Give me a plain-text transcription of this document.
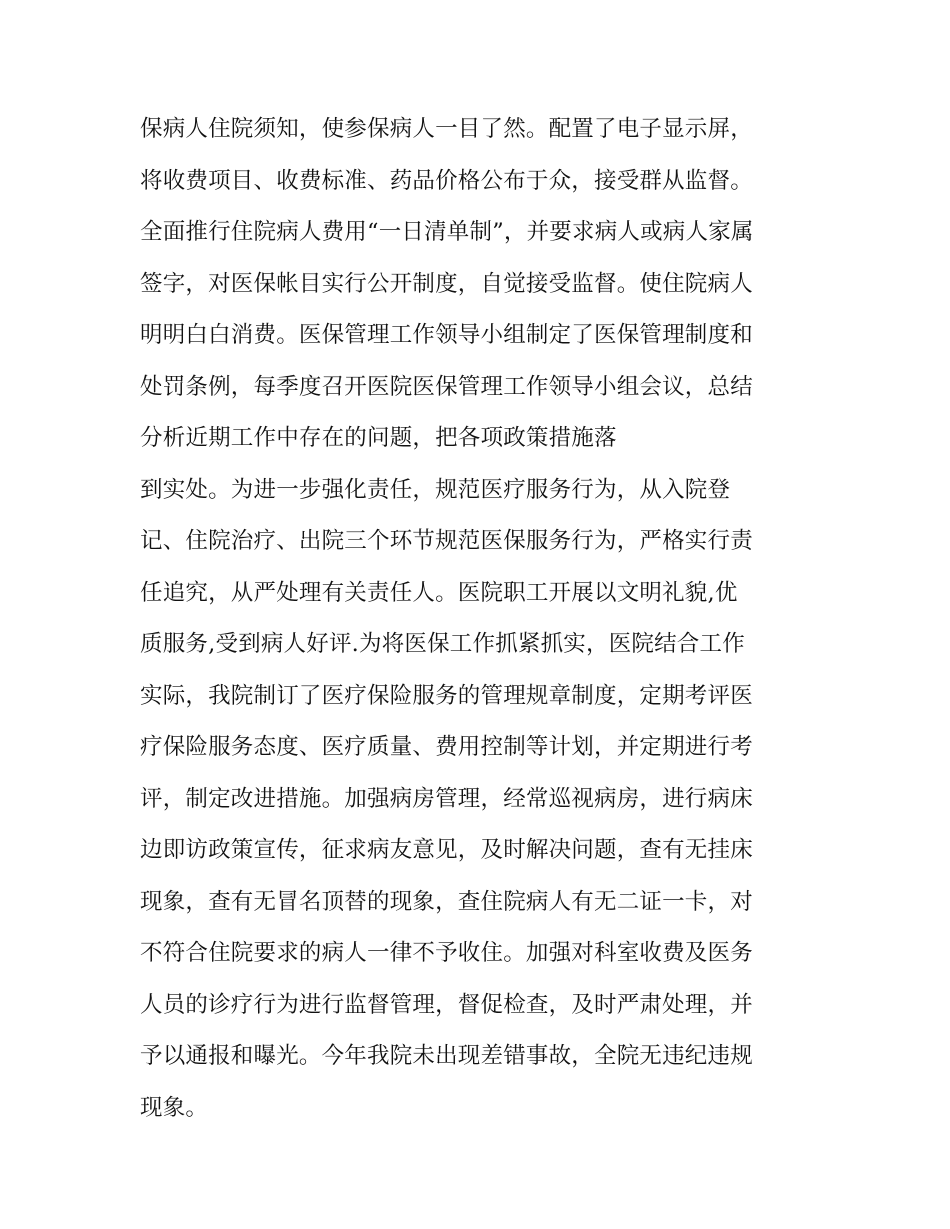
保病人住院须知，使参保病人一目了然。配置了电子显示屏，
将收费项目、收费标准、药品价格公布于众，接受群从监督。
全面推行住院病人费用“一日清单制”，并要求病人或病人家属
签字，对医保帐目实行公开制度，自觉接受监督。使住院病人
明明白白消费。医保管理工作领导小组制定了医保管理制度和
处罚条例，每季度召开医院医保管理工作领导小组会议，总结
分析近期工作中存在的问题，把各项政策措施落
到实处。为进一步强化责任，规范医疗服务行为，从入院登
记、住院治疗、出院三个环节规范医保服务行为，严格实行责
任追究，从严处理有关责任人。医院职工开展以文明礼貌,优
质服务,受到病人好评.为将医保工作抓紧抓实，医院结合工作
实际，我院制订了医疗保险服务的管理规章制度，定期考评医
疗保险服务态度、医疗质量、费用控制等计划，并定期进行考
评，制定改进措施。加强病房管理，经常巡视病房，进行病床
边即访政策宣传，征求病友意见，及时解决问题，查有无挂床
现象，查有无冒名顶替的现象，查住院病人有无二证一卡，对
不符合住院要求的病人一律不予收住。加强对科室收费及医务
人员的诊疗行为进行监督管理，督促检查，及时严肃处理，并
予以通报和曝光。今年我院未出现差错事故，全院无违纪违规
现象。
